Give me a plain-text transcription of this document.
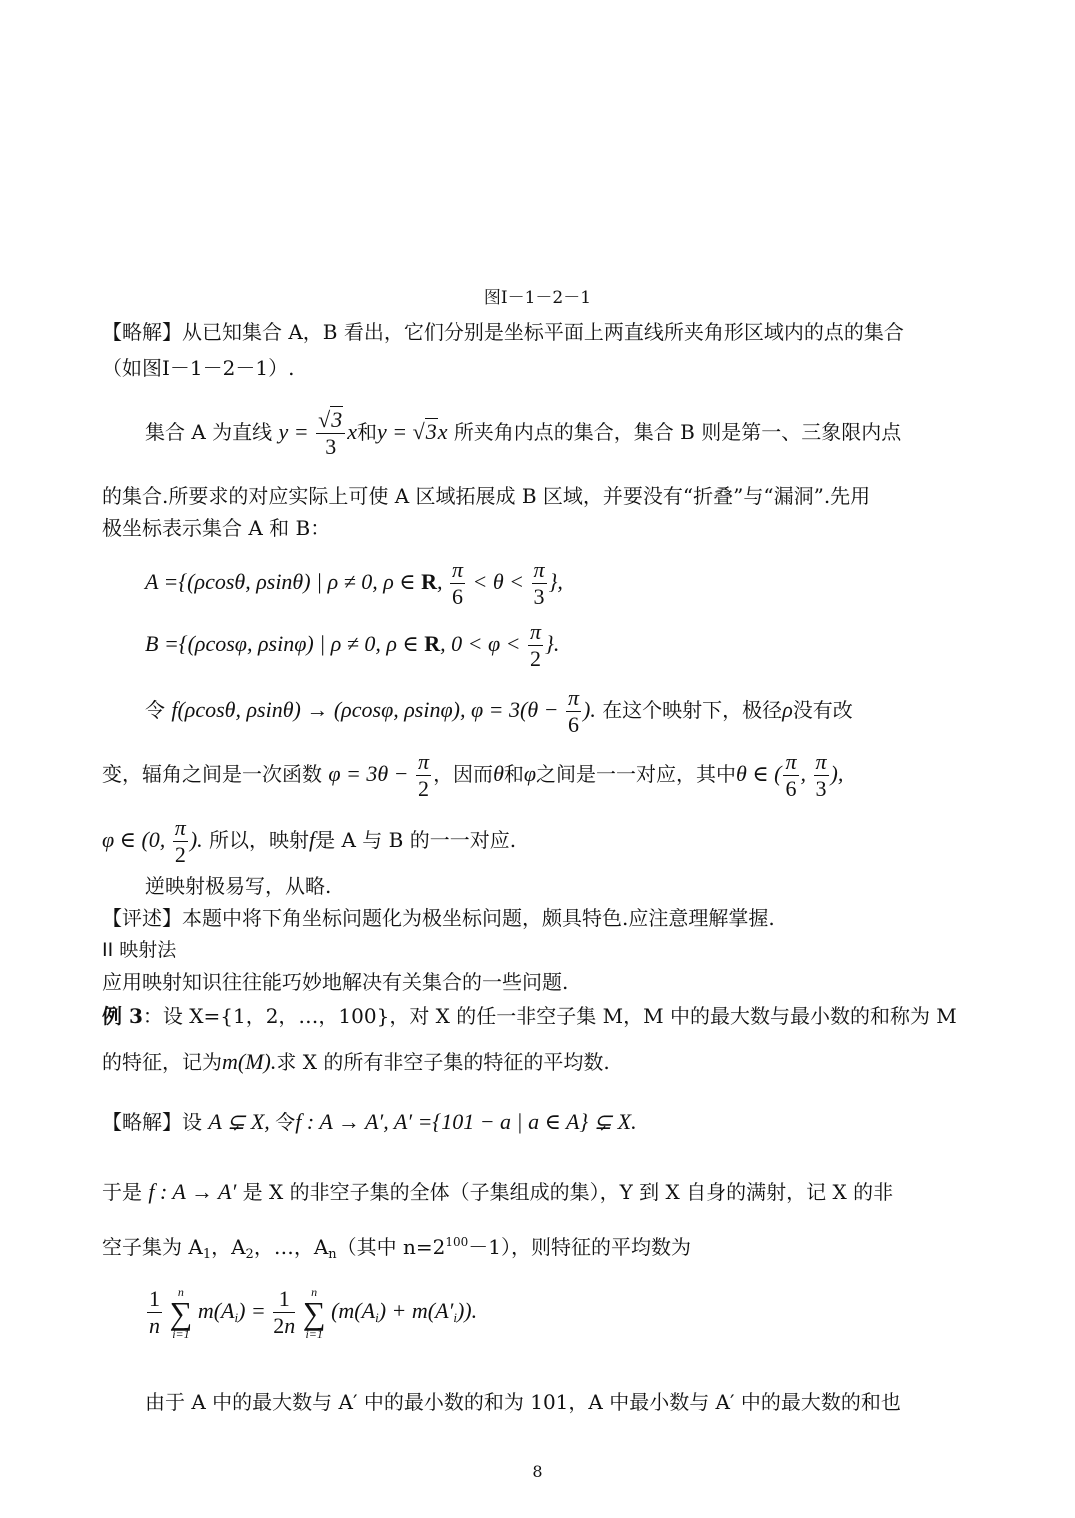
图Ⅰ－1－2－1
【略解】从已知集合 A，B 看出，它们分别是坐标平面上两直线所夹角形区域内的点的集合
（如图Ⅰ－1－2－1）.
集合 A 为直线 $y = \frac{√3}{3}$ x和y = √3x 所夹角内点的集合，集合 B 则是第一、三象限内点
的集合.所要求的对应实际上可使 A 区域拓展成 B 区域，并要没有“折叠”与“漏洞”.先用
极坐标表示集合 A 和 B：
A ={(ρcosθ, ρsinθ) | ρ ≠ 0, ρ ∈ R, $\frac{\pi}{6} < \theta < \frac{\pi}{3}$ },
B ={(ρcosφ, ρsinφ) | ρ ≠ 0, ρ ∈ R, $0 < \varphi < \frac{\pi}{2}$ }.
令 f(ρcosθ, ρsinθ) → (ρcosφ, ρsinφ), $\varphi = 3(\theta - \frac{\pi}{6}$ ). 在这个映射下，极径ρ没有改
变，辐角之间是一次函数 $\varphi = 3\theta - \frac{\pi}{2}$ ，因而θ和φ之间是一一对应，其中θ ∈ ( $\frac{\pi}{6}$ , $\frac{\pi}{3}$ ),
φ ∈ (0, $\frac{\pi}{2}$ ). 所以，映射f是 A 与 B 的一一对应.
逆映射极易写，从略.
【评述】本题中将下角坐标问题化为极坐标问题，颇具特色.应注意理解掌握.
II 映射法
应用映射知识往往能巧妙地解决有关集合的一些问题.
例 3：设 X={1，2，…，100}，对 X 的任一非空子集 M，M 中的最大数与最小数的和称为 M
的特征，记为m(M).求 X 的所有非空子集的特征的平均数.
【略解】设 A ⊊ X, 令f : A → A′, A′ ={101 − a | a ∈ A} ⊊ X.
于是 f : A → A′ 是 X 的非空子集的全体（子集组成的集），Y 到 X 自身的满射，记 X 的非
空子集为 $A_1$，$A_2$，…，$A_n$（其中 $n=2^{100}-1$），则特征的平均数为
$\frac{1}{n}$ n
∑
i=1 $m(A_i) = \frac{1}{2n}$ n
∑
i=1 $(m(A_i) + m(A'_i))$.
由于 A 中的最大数与 A′ 中的最小数的和为 101，A 中最小数与 A′ 中的最大数的和也
8
